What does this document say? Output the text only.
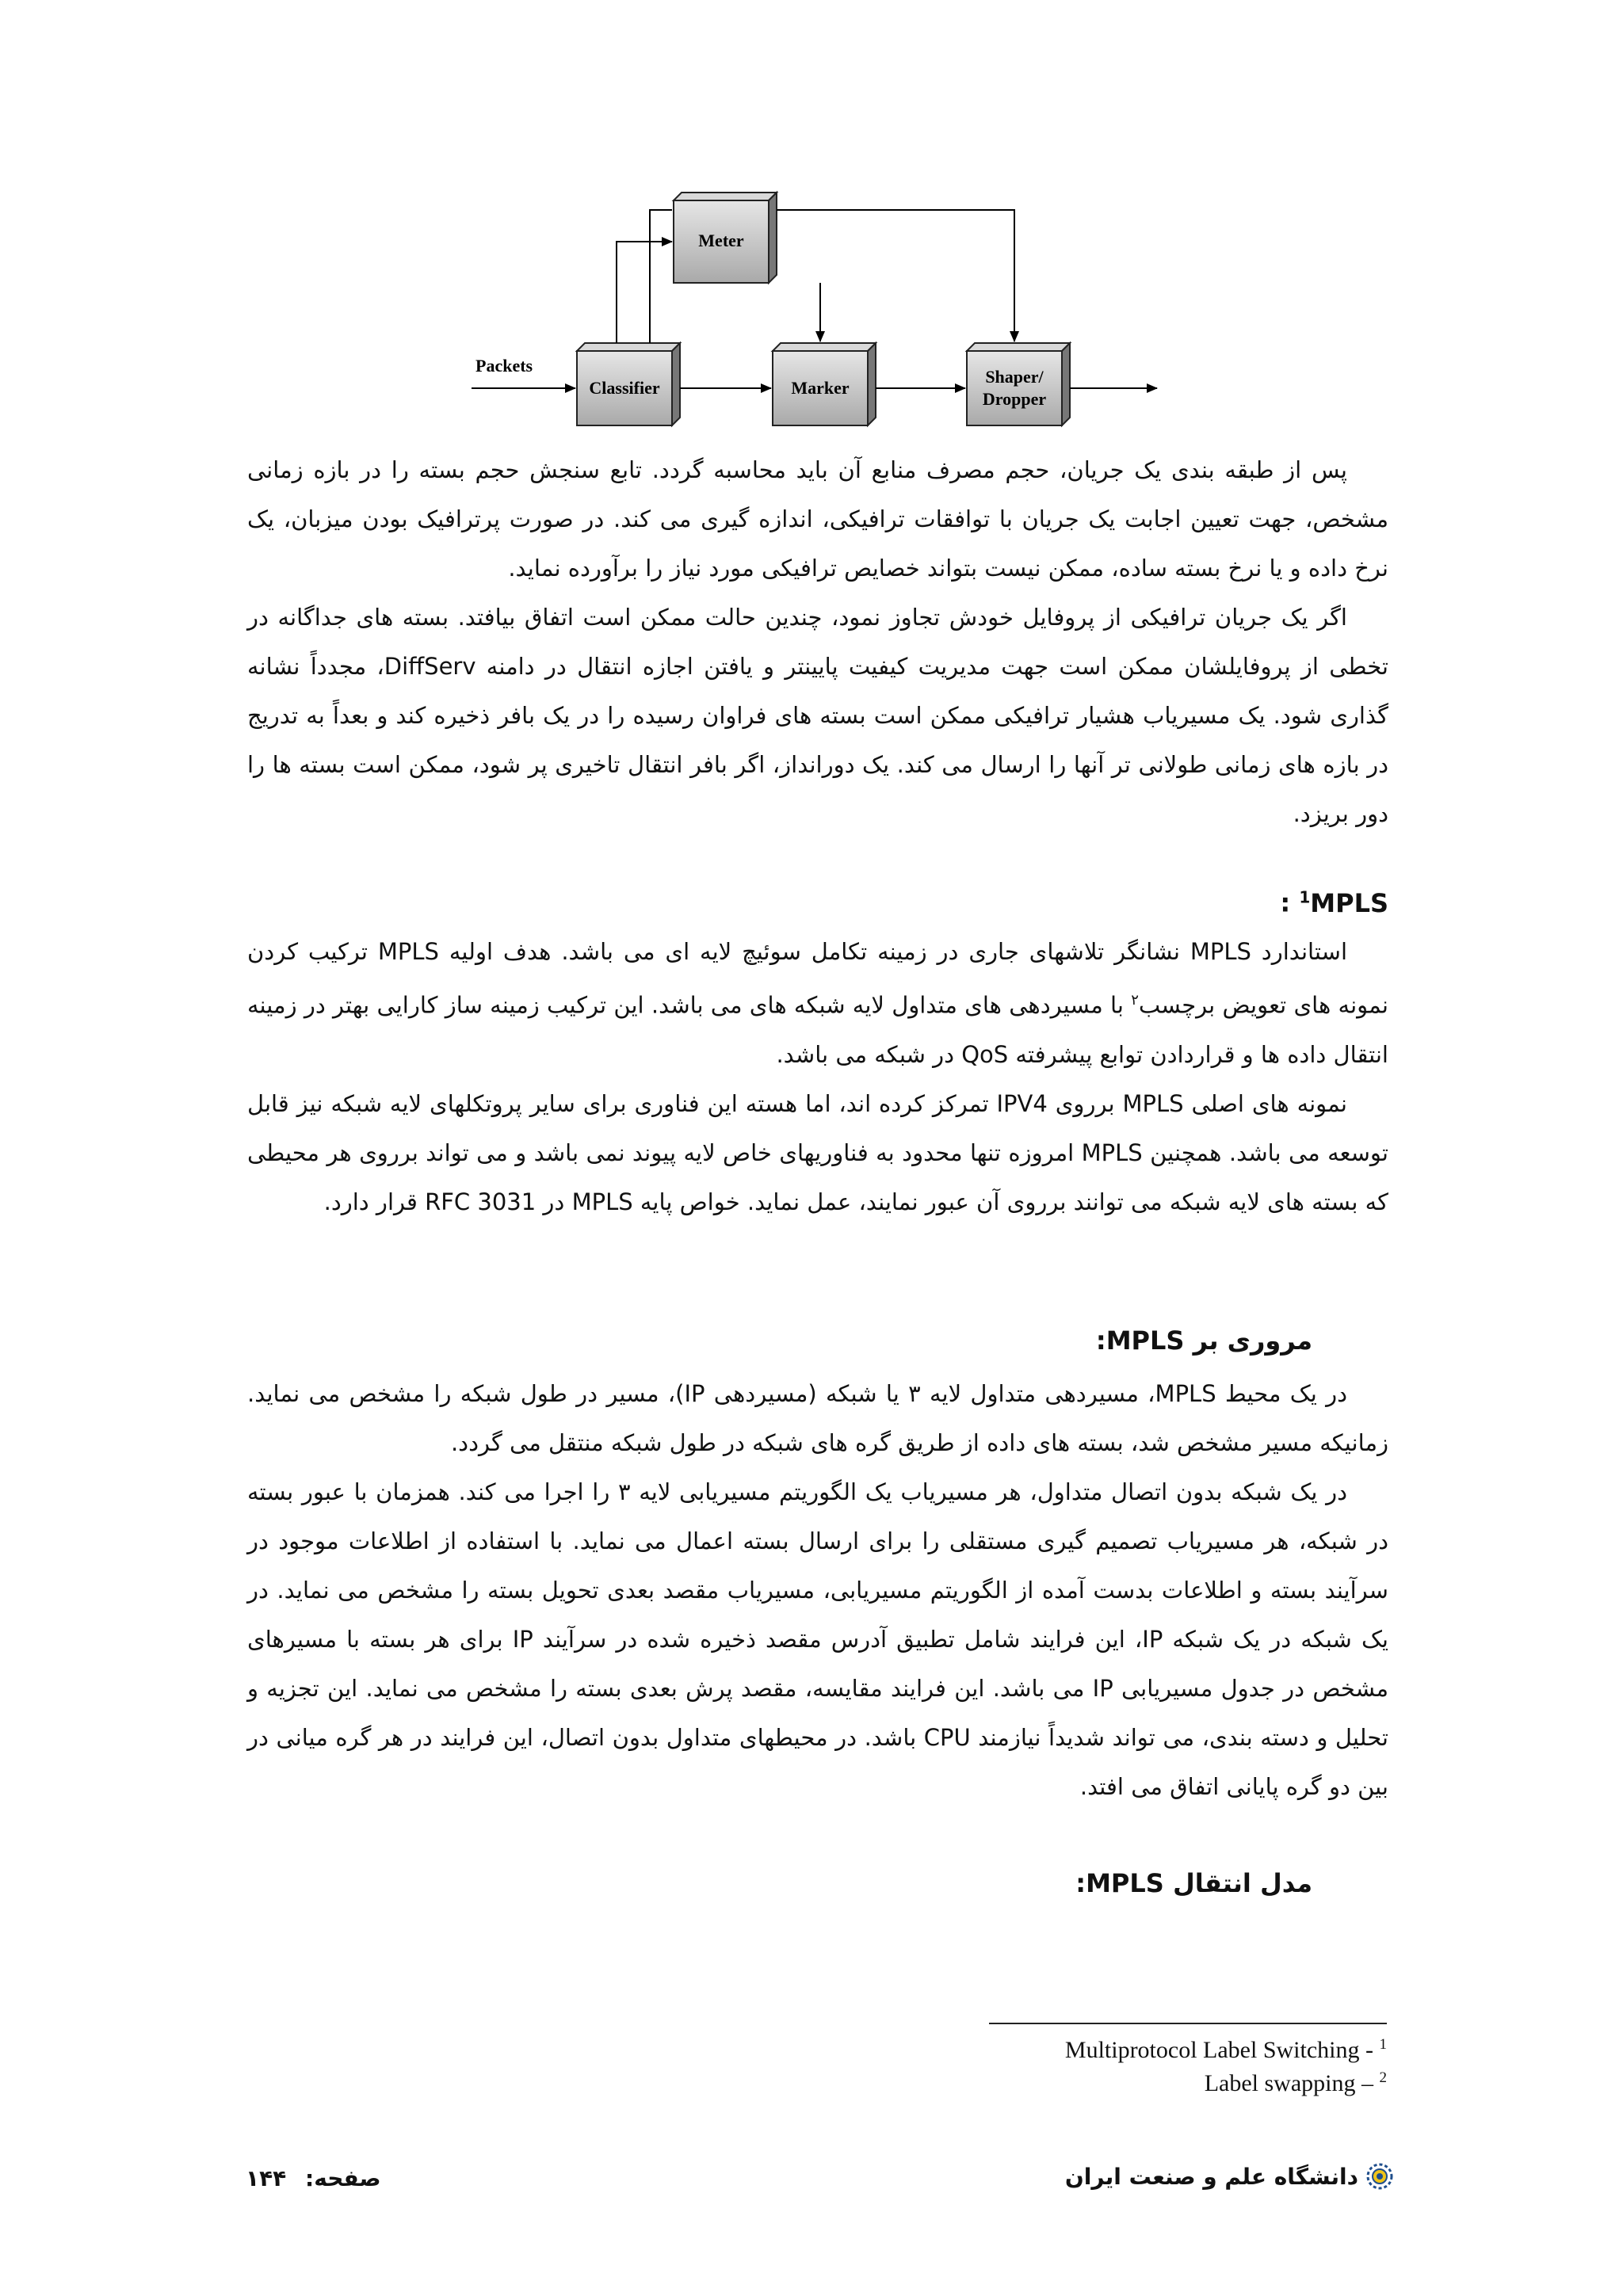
Meter
Classifier	Marker
Shaper/
Dropper
Packets

پس از طبقه بندی یک جریان، حجم مصرف منابع آن باید محاسبه گردد. تابع سنجش حجم بسته را در بازه زمانی مشخص، جهت تعیین اجابت یک جریان با توافقات ترافیکی، اندازه گیری می کند. در صورت پرترافیک بودن میزبان، یک نرخ داده و یا نرخ بسته ساده، ممکن نیست بتواند خصایص ترافیکی مورد نیاز را برآورده نماید.

اگر یک جریان ترافیکی از پروفایل خودش تجاوز نمود، چندین حالت ممکن است اتفاق بیافتد. بسته های جداگانه در تخطی از پروفایلشان ممکن است جهت مدیریت کیفیت پایینتر و یافتن اجازه انتقال در دامنه DiffServ، مجدداً نشانه گذاری شود. یک مسیریاب هشیار ترافیکی ممکن است بسته های فراوان رسیده را در یک بافر ذخیره کند و بعداً به تدریج در بازه های زمانی طولانی تر آنها را ارسال می کند. یک دورانداز، اگر بافر انتقال تاخیری پر شود، ممکن است بسته ها را دور بریزد.

$^1$MPLS :

استاندارد MPLS نشانگر تلاشهای جاری در زمینه تکامل سوئیچ لایه ای می باشد. هدف اولیه MPLS ترکیب کردن نمونه های تعویض برچسب$^۲$ با مسیردهی های متداول لایه شبکه های می باشد. این ترکیب زمینه ساز کارایی بهتر در زمینه انتقال داده ها و قراردادن توابع پیشرفته QoS در شبکه می باشد.

نمونه های اصلی MPLS برروی IPV4 تمرکز کرده اند، اما هسته این فناوری برای سایر پروتکلهای لایه شبکه نیز قابل توسعه می باشد. همچنین MPLS امروزه تنها محدود به فناوریهای خاص لایه پیوند نمی باشد و می تواند برروی هر محیطی که بسته های لایه شبکه می توانند برروی آن عبور نمایند، عمل نماید. خواص پایه MPLS در RFC 3031 قرار دارد.

مروری بر MPLS:

در یک محیط MPLS، مسیردهی متداول لایه ۳ یا شبکه (مسیردهی IP)، مسیر در طول شبکه را مشخص می نماید. زمانیکه مسیر مشخص شد، بسته های داده از طریق گره های شبکه در طول شبکه منتقل می گردد.

در یک شبکه بدون اتصال متداول، هر مسیریاب یک الگوریتم مسیریابی لایه ۳ را اجرا می کند. همزمان با عبور بسته در شبکه، هر مسیریاب تصمیم گیری مستقلی را برای ارسال بسته اعمال می نماید. با استفاده از اطلاعات موجود در سرآیند بسته و اطلاعات بدست آمده از الگوریتم مسیریابی، مسیریاب مقصد بعدی تحویل بسته را مشخص می نماید. در یک شبکه در یک شبکه IP، این فرایند شامل تطبیق آدرس مقصد ذخیره شده در سرآیند IP برای هر بسته با مسیرهای مشخص در جدول مسیریابی IP می باشد. این فرایند مقایسه، مقصد پرش بعدی بسته را مشخص می نماید. این تجزیه و تحلیل و دسته بندی، می تواند شدیداً نیازمند CPU باشد. در محیطهای متداول بدون اتصال، این فرایند در هر گره میانی در بین دو گره پایانی اتفاق می افتد.

مدل انتقال MPLS:
Multiprotocol Label Switching - $^1$
Label swapping – $^2$
صفحه: ۱۴۴	دانشگاه علم و صنعت ایران
